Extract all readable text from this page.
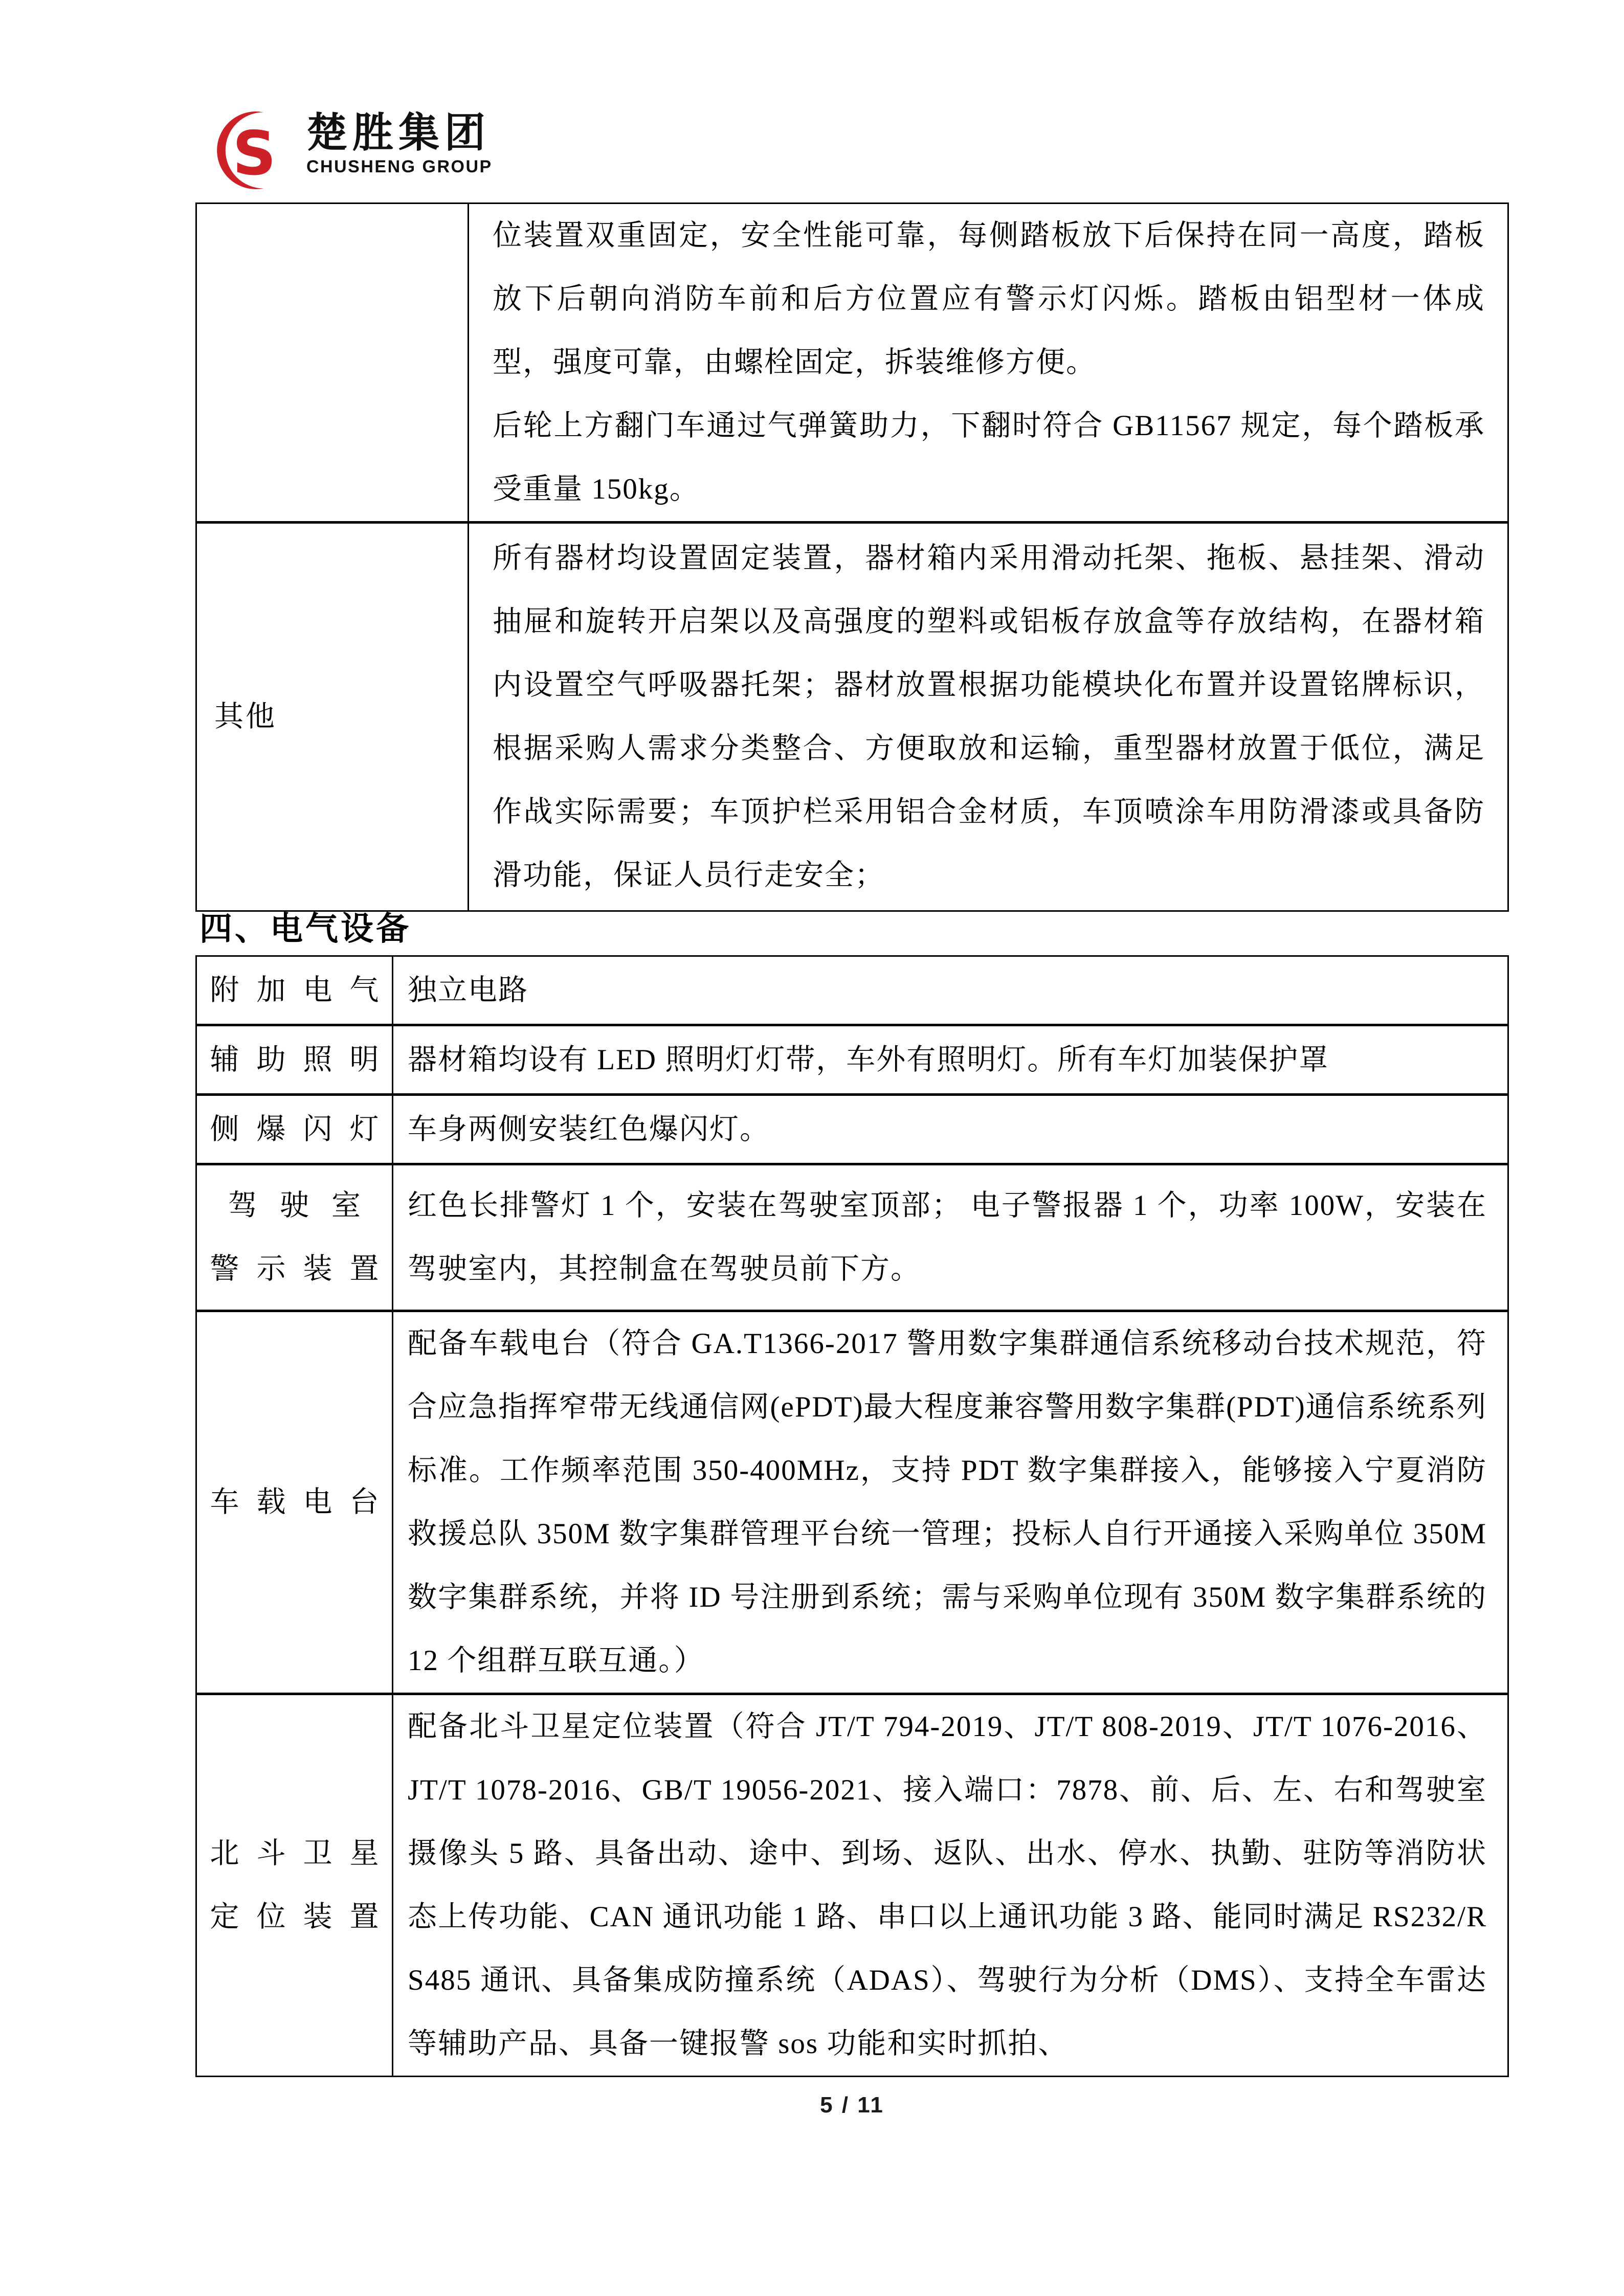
S 楚胜集团
CHUSHENG GROUP

	位装置双重固定，安全性能可靠，每侧踏板放下后保持在同一高度，踏板放下后朝向消防车前和后方位置应有警示灯闪烁。踏板由铝型材一体成型，强度可靠，由螺栓固定，拆装维修方便。

后轮上方翻门车通过气弹簧助力，下翻时符合 GB11567 规定，每个踏板承受重量 150kg。

其他	所有器材均设置固定装置，器材箱内采用滑动托架、拖板、悬挂架、滑动抽屉和旋转开启架以及高强度的塑料或铝板存放盒等存放结构，在器材箱内设置空气呼吸器托架；器材放置根据功能模块化布置并设置铭牌标识，根据采购人需求分类整合、方便取放和运输，重型器材放置于低位，满足作战实际需要；车顶护栏采用铝合金材质，车顶喷涂车用防滑漆或具备防滑功能，保证人员行走安全；

四、电气设备
附加电气	独立电路

辅助照明	器材箱均设有 LED 照明灯灯带，车外有照明灯。所有车灯加装保护罩

侧爆闪灯	车身两侧安装红色爆闪灯。

驾驶室
警示装置	红色长排警灯 1 个，安装在驾驶室顶部； 电子警报器 1 个，功率 100W，安装在驾驶室内，其控制盒在驾驶员前下方。

车载电台	配备车载电台（符合 GA.T1366-2017 警用数字集群通信系统移动台技术规范，符合应急指挥窄带无线通信网(ePDT)最大程度兼容警用数字集群(PDT)通信系统系列标准。工作频率范围 350-400MHz，支持 PDT 数字集群接入，能够接入宁夏消防救援总队 350M 数字集群管理平台统一管理；投标人自行开通接入采购单位 350M 数字集群系统，并将 ID 号注册到系统；需与采购单位现有 350M 数字集群系统的 12 个组群互联互通。）

北斗卫星
定位装置	配备北斗卫星定位装置（符合 JT/T 794-2019、JT/T 808-2019、JT/T 1076-2016、JT/T 1078-2016、GB/T 19056-2021、接入端口：7878、前、后、左、右和驾驶室摄像头 5 路、具备出动、途中、到场、返队、出水、停水、执勤、驻防等消防状态上传功能、CAN 通讯功能 1 路、串口以上通讯功能 3 路、能同时满足 RS232/RS485 通讯、具备集成防撞系统（ADAS）、驾驶行为分析（DMS）、支持全车雷达等辅助产品、具备一键报警 sos 功能和实时抓拍、

5 / 11
